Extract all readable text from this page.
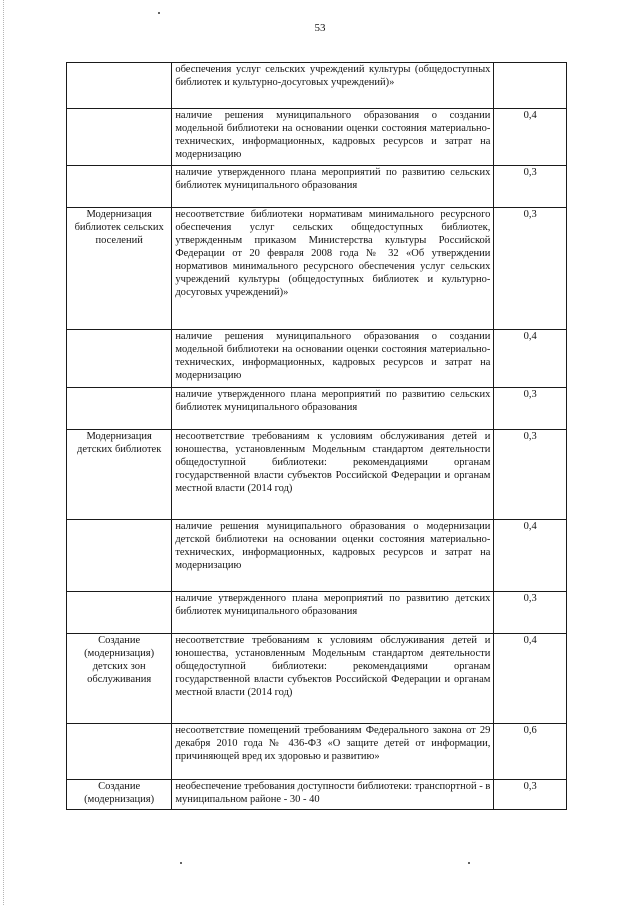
53
	обеспечения услуг сельских учреждений культуры (общедоступных библиотек и культурно-досуговых учреждений)»	
	наличие решения муниципального образования о создании модельной библиотеки на основании оценки состояния материально-технических, информационных, кадровых ресурсов и затрат на модернизацию	0,4
	наличие утвержденного плана мероприятий по развитию сельских библиотек муниципального образования	0,3
Модернизация библиотек сельских поселений	несоответствие библиотеки нормативам минимального ресурсного обеспечения услуг сельских общедоступных библиотек, утвержденным приказом Министерства культуры Российской Федерации от 20 февраля 2008 года № 32 «Об утверждении нормативов минимального ресурсного обеспечения услуг сельских учреждений культуры (общедоступных библиотек и культурно-досуговых учреждений)»	0,3
	наличие решения муниципального образования о создании модельной библиотеки на основании оценки состояния материально-технических, информационных, кадровых ресурсов и затрат на модернизацию	0,4
	наличие утвержденного плана мероприятий по развитию сельских библиотек муниципального образования	0,3
Модернизация детских библиотек	несоответствие требованиям к условиям обслуживания детей и юношества, установленным Модельным стандартом деятельности общедоступной библиотеки: рекомендациями органам государственной власти субъектов Российской Федерации и органам местной власти (2014 год)	0,3
	наличие решения муниципального образования о модернизации детской библиотеки на основании оценки состояния материально-технических, информационных, кадровых ресурсов и затрат на модернизацию	0,4
	наличие утвержденного плана мероприятий по развитию детских библиотек муниципального образования	0,3
Создание (модернизация) детских зон обслуживания	несоответствие требованиям к условиям обслуживания детей и юношества, установленным Модельным стандартом деятельности общедоступной библиотеки: рекомендациями органам государственной власти субъектов Российской Федерации и органам местной власти (2014 год)	0,4
	несоответствие помещений требованиям Федерального закона от 29 декабря 2010 года № 436-ФЗ «О защите детей от информации, причиняющей вред их здоровью и развитию»	0,6
Создание (модернизация)	необеспечение требования доступности библиотеки: транспортной - в муниципальном районе - 30 - 40	0,3
